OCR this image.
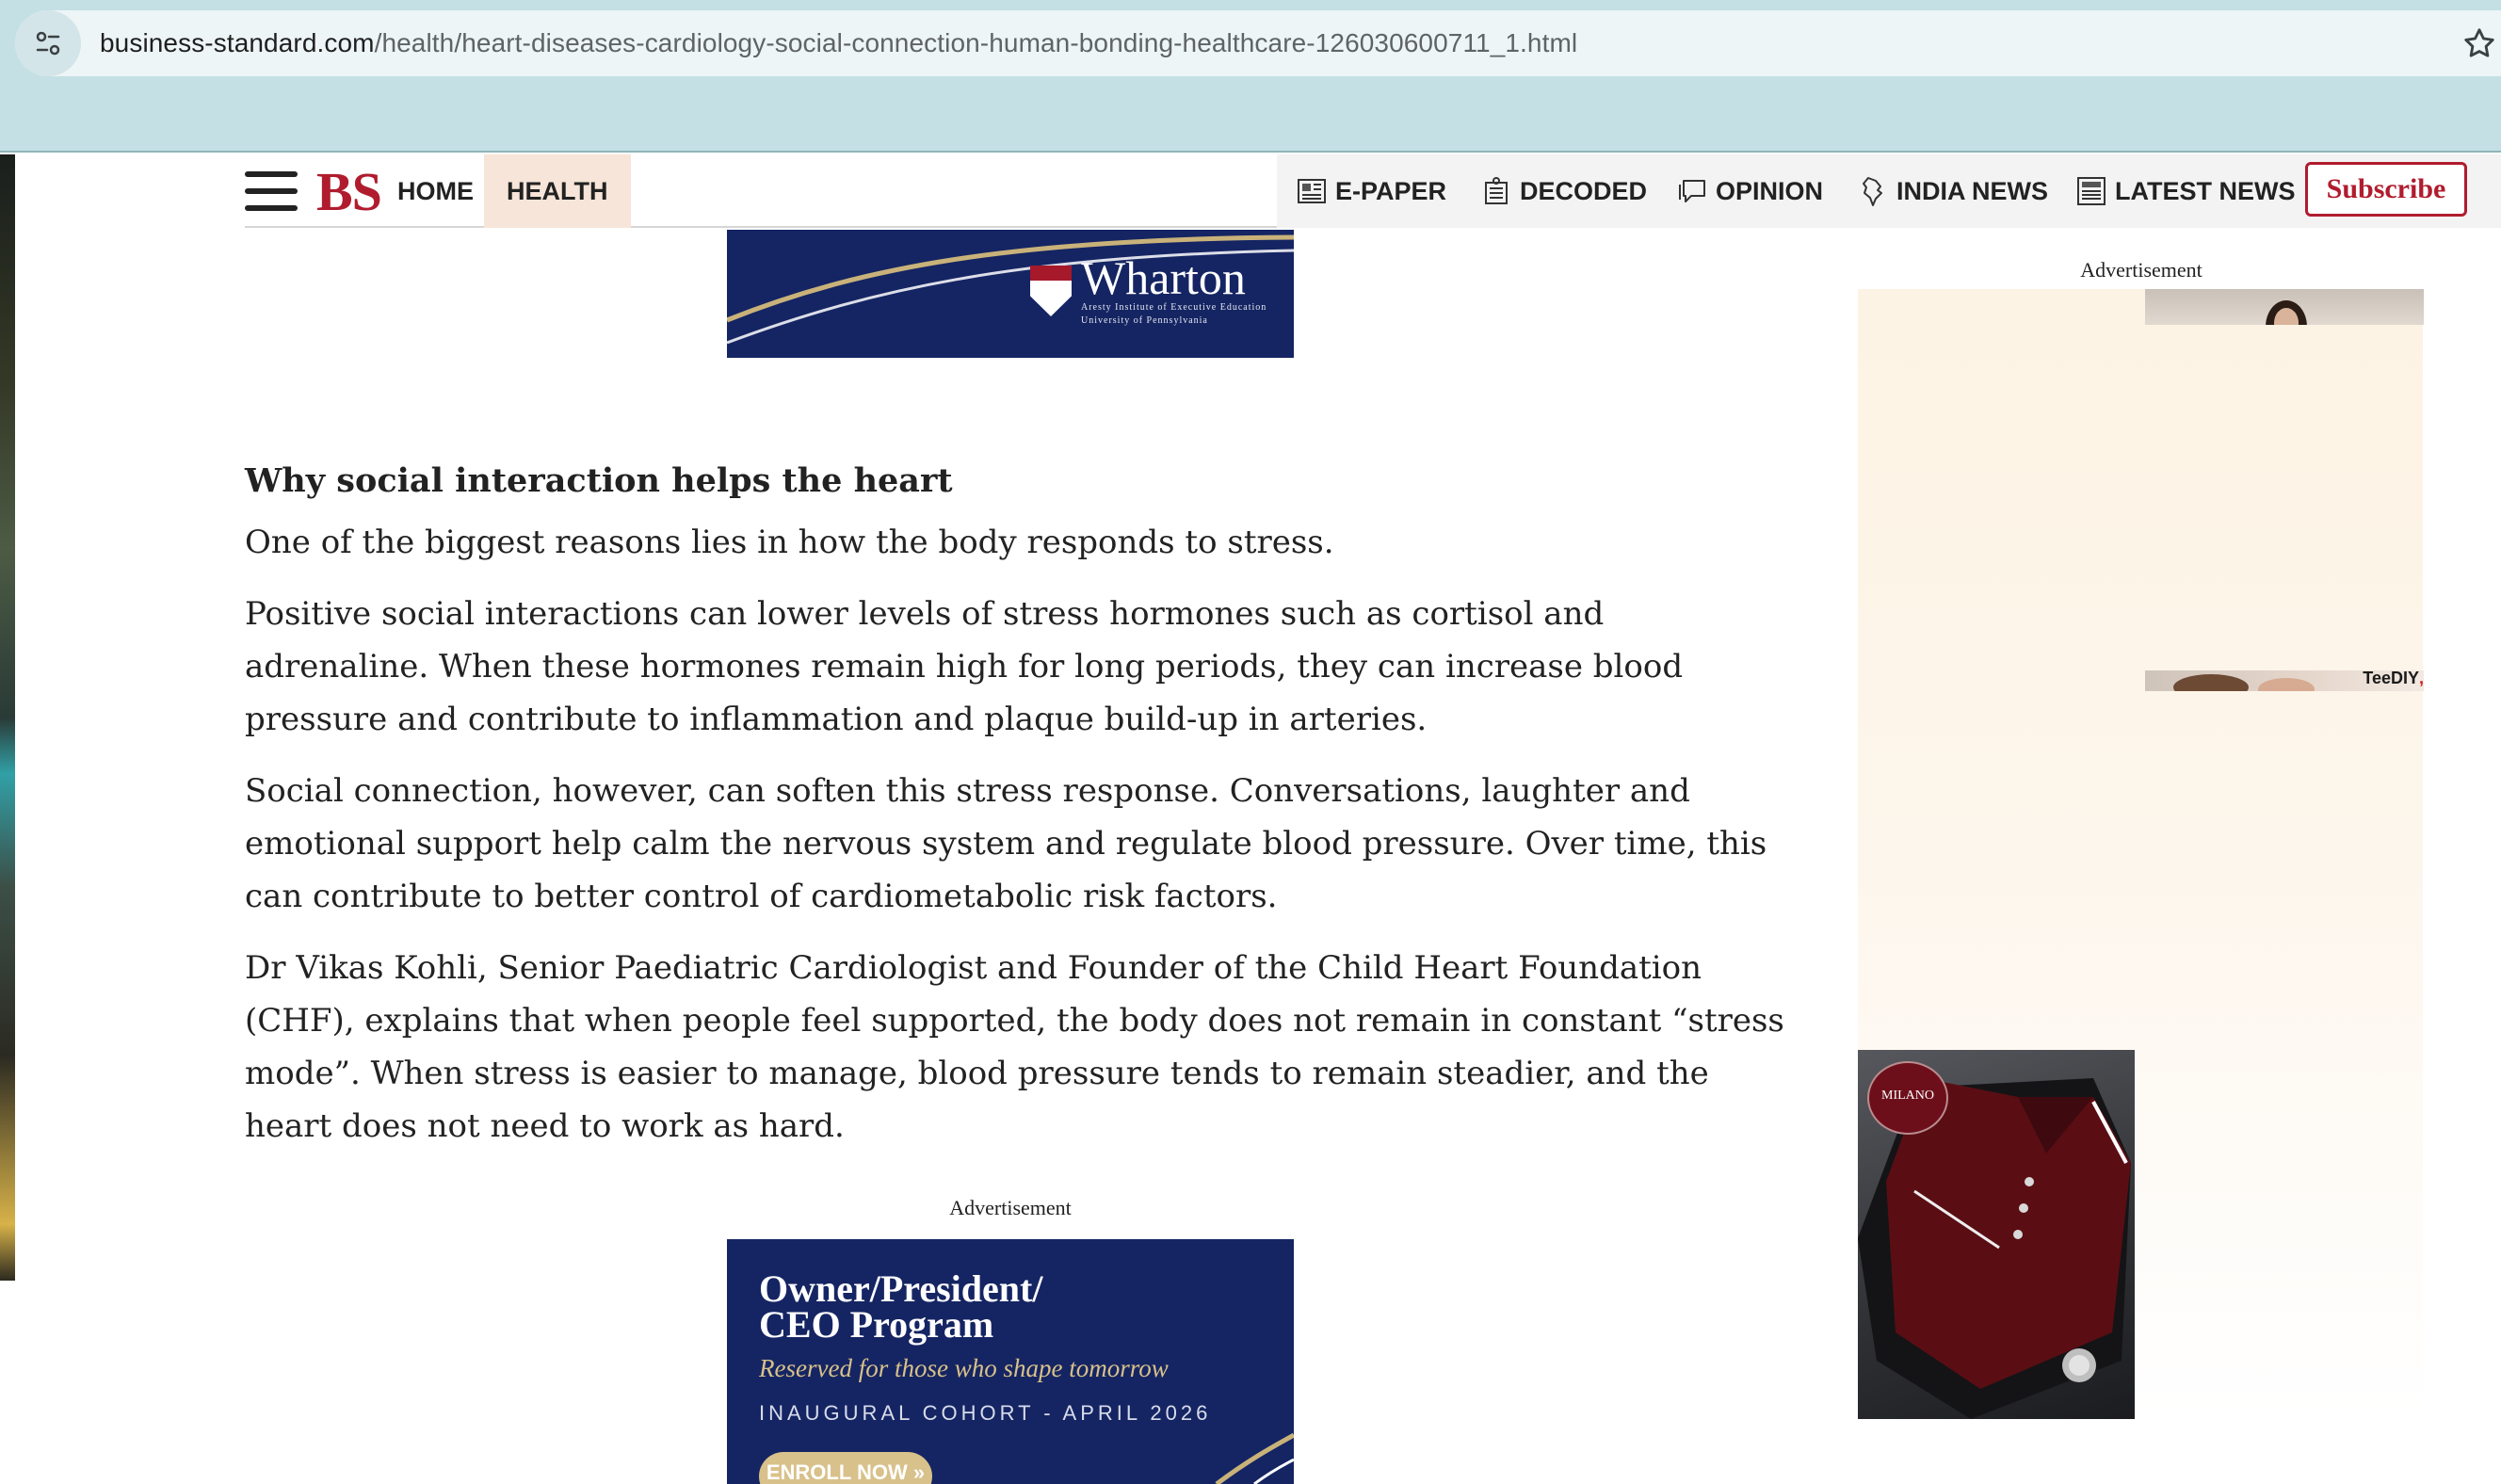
business-standard.com/health/heart-diseases-cardiology-social-connection-human-bonding-healthcare-126030600711_1.html
BS HOME	HEALTH	E-PAPER	DECODED	OPINION	INDIA NEWS	LATEST NEWS	Subscribe
Wharton
Aresty Institute of Executive Education
University of Pennsylvania
Advertisement
TeeDIY,
MILANO
Why social interaction helps the heart

One of the biggest reasons lies in how the body responds to stress.

Positive social interactions can lower levels of stress hormones such as cortisol and adrenaline. When these hormones remain high for long periods, they can increase blood pressure and contribute to inflammation and plaque build-up in arteries.

Social connection, however, can soften this stress response. Conversations, laughter and emotional support help calm the nervous system and regulate blood pressure. Over time, this can contribute to better control of cardiometabolic risk factors.

Dr Vikas Kohli, Senior Paediatric Cardiologist and Founder of the Child Heart Foundation (CHF), explains that when people feel supported, the body does not remain in constant “stress mode”. When stress is easier to manage, blood pressure tends to remain steadier, and the heart does not need to work as hard.

Advertisement
Owner/President/
CEO Program
Reserved for those who shape tomorrow
INAUGURAL COHORT - APRIL 2026
ENROLL NOW »
